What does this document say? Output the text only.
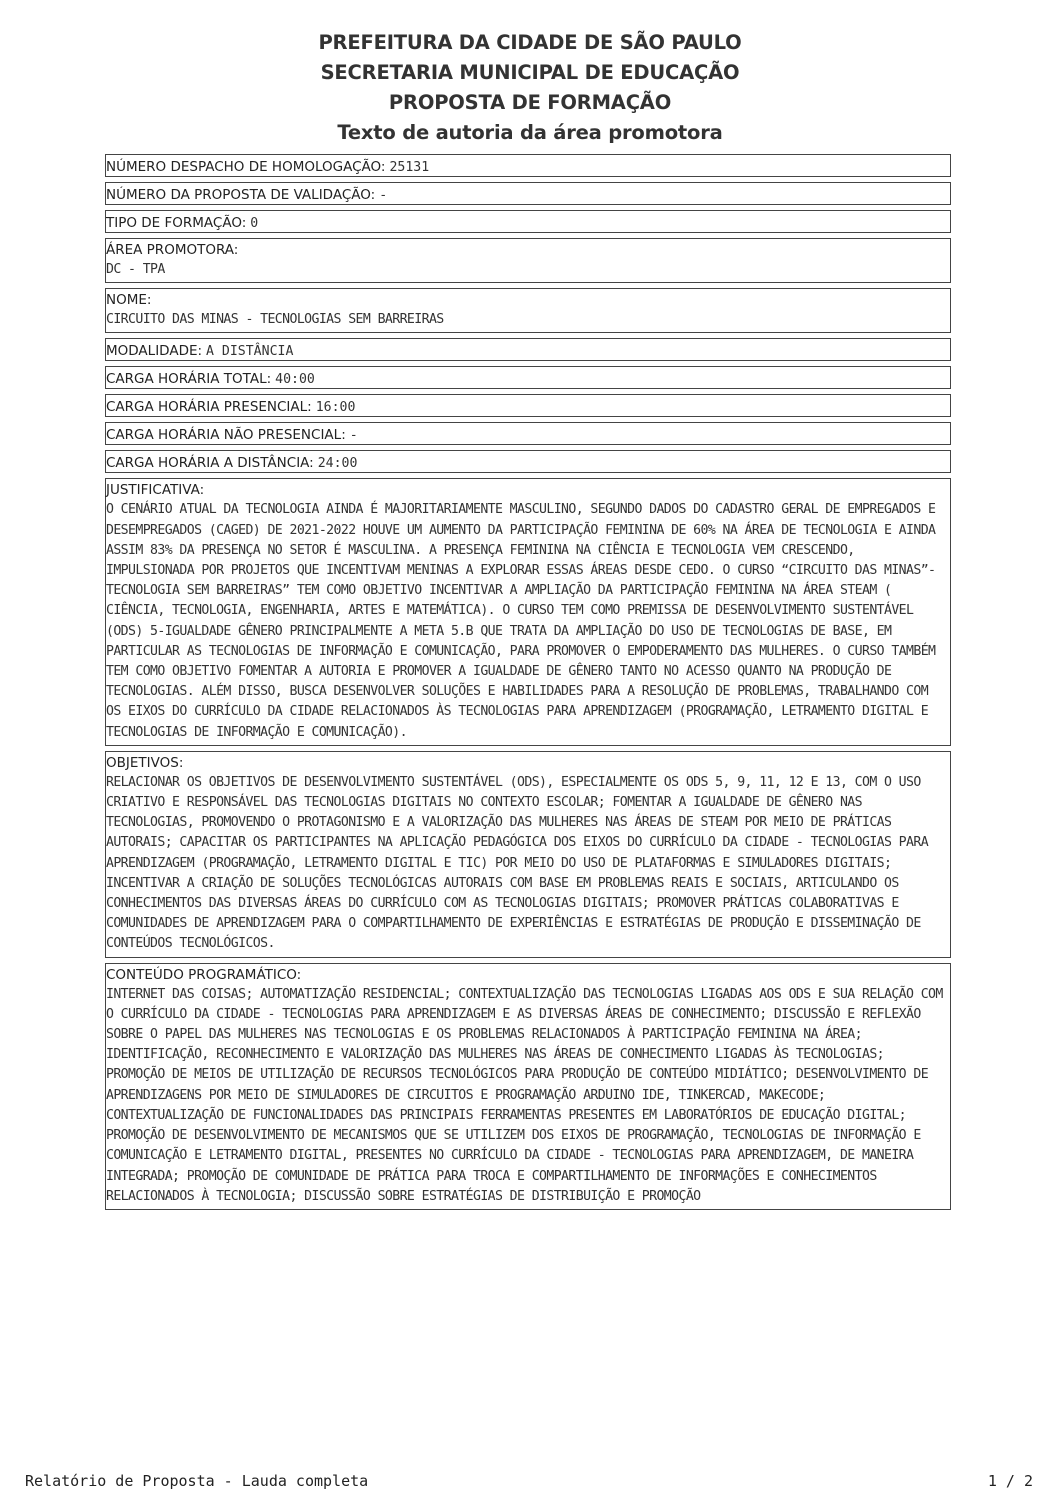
PREFEITURA DA CIDADE DE SÃO PAULO
SECRETARIA MUNICIPAL DE EDUCAÇÃO
PROPOSTA DE FORMAÇÃO
Texto de autoria da área promotora
NÚMERO DESPACHO DE HOMOLOGAÇÃO: 25131
NÚMERO DA PROPOSTA DE VALIDAÇÃO: -
TIPO DE FORMAÇÃO: 0
ÁREA PROMOTORA:
DC - TPA
NOME:
CIRCUITO DAS MINAS - TECNOLOGIAS SEM BARREIRAS
MODALIDADE: A DISTÂNCIA
CARGA HORÁRIA TOTAL: 40:00
CARGA HORÁRIA PRESENCIAL: 16:00
CARGA HORÁRIA NÃO PRESENCIAL: -
CARGA HORÁRIA A DISTÂNCIA: 24:00
JUSTIFICATIVA:
O CENÁRIO ATUAL DA TECNOLOGIA AINDA É MAJORITARIAMENTE MASCULINO, SEGUNDO DADOS DO CADASTRO GERAL DE EMPREGADOS E DESEMPREGADOS (CAGED) DE 2021-2022 HOUVE UM AUMENTO DA PARTICIPAÇÃO FEMININA DE 60% NA ÁREA DE TECNOLOGIA E AINDA ASSIM 83% DA PRESENÇA NO SETOR É MASCULINA. A PRESENÇA FEMININA NA CIÊNCIA E TECNOLOGIA VEM CRESCENDO, IMPULSIONADA POR PROJETOS QUE INCENTIVAM MENINAS A EXPLORAR ESSAS ÁREAS DESDE CEDO. O CURSO “CIRCUITO DAS MINAS”-TECNOLOGIA SEM BARREIRAS” TEM COMO OBJETIVO INCENTIVAR A AMPLIAÇÃO DA PARTICIPAÇÃO FEMININA NA ÁREA STEAM ( CIÊNCIA, TECNOLOGIA, ENGENHARIA, ARTES E MATEMÁTICA). O CURSO TEM COMO PREMISSA DE DESENVOLVIMENTO SUSTENTÁVEL (ODS) 5-IGUALDADE GÊNERO PRINCIPALMENTE A META 5.B QUE TRATA DA AMPLIAÇÃO DO USO DE TECNOLOGIAS DE BASE, EM PARTICULAR AS TECNOLOGIAS DE INFORMAÇÃO E COMUNICAÇÃO, PARA PROMOVER O EMPODERAMENTO DAS MULHERES. O CURSO TAMBÉM TEM COMO OBJETIVO FOMENTAR A AUTORIA E PROMOVER A IGUALDADE DE GÊNERO TANTO NO ACESSO QUANTO NA PRODUÇÃO DE TECNOLOGIAS. ALÉM DISSO, BUSCA DESENVOLVER SOLUÇÕES E HABILIDADES PARA A RESOLUÇÃO DE PROBLEMAS, TRABALHANDO COM OS EIXOS DO CURRÍCULO DA CIDADE RELACIONADOS ÀS TECNOLOGIAS PARA APRENDIZAGEM (PROGRAMAÇÃO, LETRAMENTO DIGITAL E TECNOLOGIAS DE INFORMAÇÃO E COMUNICAÇÃO).
OBJETIVOS:
RELACIONAR OS OBJETIVOS DE DESENVOLVIMENTO SUSTENTÁVEL (ODS), ESPECIALMENTE OS ODS 5, 9, 11, 12 E 13, COM O USO CRIATIVO E RESPONSÁVEL DAS TECNOLOGIAS DIGITAIS NO CONTEXTO ESCOLAR; FOMENTAR A IGUALDADE DE GÊNERO NAS TECNOLOGIAS, PROMOVENDO O PROTAGONISMO E A VALORIZAÇÃO DAS MULHERES NAS ÁREAS DE STEAM POR MEIO DE PRÁTICAS AUTORAIS; CAPACITAR OS PARTICIPANTES NA APLICAÇÃO PEDAGÓGICA DOS EIXOS DO CURRÍCULO DA CIDADE - TECNOLOGIAS PARA APRENDIZAGEM (PROGRAMAÇÃO, LETRAMENTO DIGITAL E TIC) POR MEIO DO USO DE PLATAFORMAS E SIMULADORES DIGITAIS; INCENTIVAR A CRIAÇÃO DE SOLUÇÕES TECNOLÓGICAS AUTORAIS COM BASE EM PROBLEMAS REAIS E SOCIAIS, ARTICULANDO OS CONHECIMENTOS DAS DIVERSAS ÁREAS DO CURRÍCULO COM AS TECNOLOGIAS DIGITAIS; PROMOVER PRÁTICAS COLABORATIVAS E COMUNIDADES DE APRENDIZAGEM PARA O COMPARTILHAMENTO DE EXPERIÊNCIAS E ESTRATÉGIAS DE PRODUÇÃO E DISSEMINAÇÃO DE CONTEÚDOS TECNOLÓGICOS.
CONTEÚDO PROGRAMÁTICO:
INTERNET DAS COISAS; AUTOMATIZAÇÃO RESIDENCIAL; CONTEXTUALIZAÇÃO DAS TECNOLOGIAS LIGADAS AOS ODS E SUA RELAÇÃO COM O CURRÍCULO DA CIDADE - TECNOLOGIAS PARA APRENDIZAGEM E AS DIVERSAS ÁREAS DE CONHECIMENTO; DISCUSSÃO E REFLEXÃO SOBRE O PAPEL DAS MULHERES NAS TECNOLOGIAS E OS PROBLEMAS RELACIONADOS À PARTICIPAÇÃO FEMININA NA ÁREA; IDENTIFICAÇÃO, RECONHECIMENTO E VALORIZAÇÃO DAS MULHERES NAS ÁREAS DE CONHECIMENTO LIGADAS ÀS TECNOLOGIAS; PROMOÇÃO DE MEIOS DE UTILIZAÇÃO DE RECURSOS TECNOLÓGICOS PARA PRODUÇÃO DE CONTEÚDO MIDIÁTICO; DESENVOLVIMENTO DE APRENDIZAGENS POR MEIO DE SIMULADORES DE CIRCUITOS E PROGRAMAÇÃO ARDUINO IDE, TINKERCAD, MAKECODE; CONTEXTUALIZAÇÃO DE FUNCIONALIDADES DAS PRINCIPAIS FERRAMENTAS PRESENTES EM LABORATÓRIOS DE EDUCAÇÃO DIGITAL; PROMOÇÃO DE DESENVOLVIMENTO DE MECANISMOS QUE SE UTILIZEM DOS EIXOS DE PROGRAMAÇÃO, TECNOLOGIAS DE INFORMAÇÃO E COMUNICAÇÃO E LETRAMENTO DIGITAL, PRESENTES NO CURRÍCULO DA CIDADE - TECNOLOGIAS PARA APRENDIZAGEM, DE MANEIRA INTEGRADA; PROMOÇÃO DE COMUNIDADE DE PRÁTICA PARA TROCA E COMPARTILHAMENTO DE INFORMAÇÕES E CONHECIMENTOS RELACIONADOS À TECNOLOGIA; DISCUSSÃO SOBRE ESTRATÉGIAS DE DISTRIBUIÇÃO E PROMOÇÃO
Relatório de Proposta - Lauda completa	1 / 2
